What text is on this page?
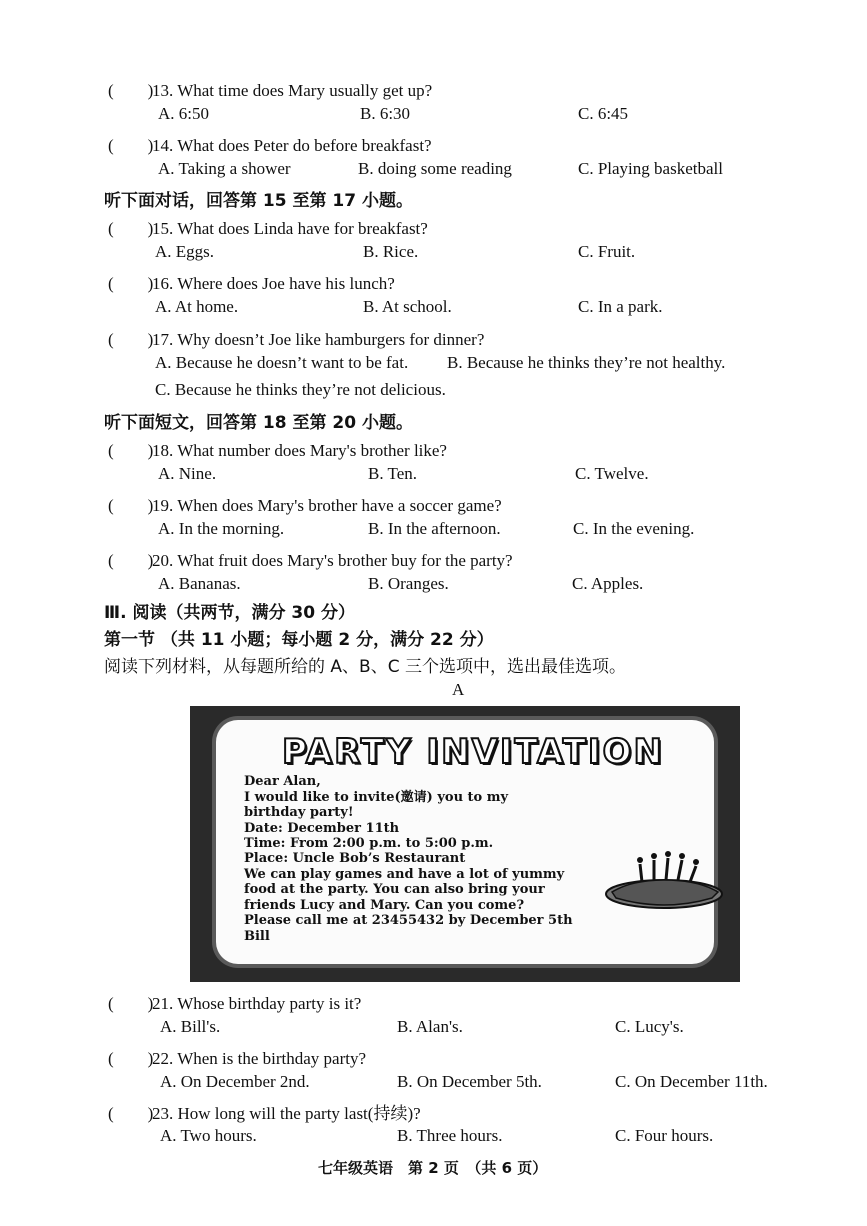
(　　)13. What time does Mary usually get up?
A. 6:50	B. 6:30	C. 6:45
(　　)14. What does Peter do before breakfast?
A. Taking a shower	B. doing some reading	C. Playing basketball
听下面对话，回答第 15 至第 17 小题。
(　　)15. What does Linda have for breakfast?
A. Eggs.	B. Rice.	C. Fruit.
(　　)16. Where does Joe have his lunch?
A. At home.	B. At school.	C. In a park.
(　　)17. Why doesn’t Joe like hamburgers for dinner?
A. Because he doesn’t want to be fat. B. Because he thinks they’re not healthy.
C. Because he thinks they’re not delicious.
听下面短文，回答第 18 至第 20 小题。
(　　)18. What number does Mary's brother like?
A. Nine.	B. Ten.	C. Twelve.
(　　)19. When does Mary's brother have a soccer game?
A. In the morning.	B. In the afternoon.	C. In the evening.
(　　)20. What fruit does Mary's brother buy for the party?
A. Bananas.	B. Oranges.	C. Apples.
Ⅲ. 阅读（共两节，满分 30 分）
第一节 （共 11 小题；每小题 2 分，满分 22 分）
阅读下列材料，从每题所给的 A、B、C 三个选项中，选出最佳选项。
A
PARTY INVITATION
Dear Alan,
I would like to invite(邀请) you to my
birthday party!
Date: December 11th
Time: From 2:00 p.m. to 5:00 p.m.
Place: Uncle Bob’s Restaurant
We can play games and have a lot of yummy
food at the party. You can also bring your
friends Lucy and Mary. Can you come?
Please call me at 23455432 by December 5th
Bill
(　　)21. Whose birthday party is it?
A. Bill's.	B. Alan's.	C. Lucy's.
(　　)22. When is the birthday party?
A. On December 2nd.	B. On December 5th.	C. On December 11th.
(　　)23. How long will the party last(持续)?
A. Two hours.	B. Three hours.	C. Four hours.
七年级英语　第 2 页　（共 6 页）
